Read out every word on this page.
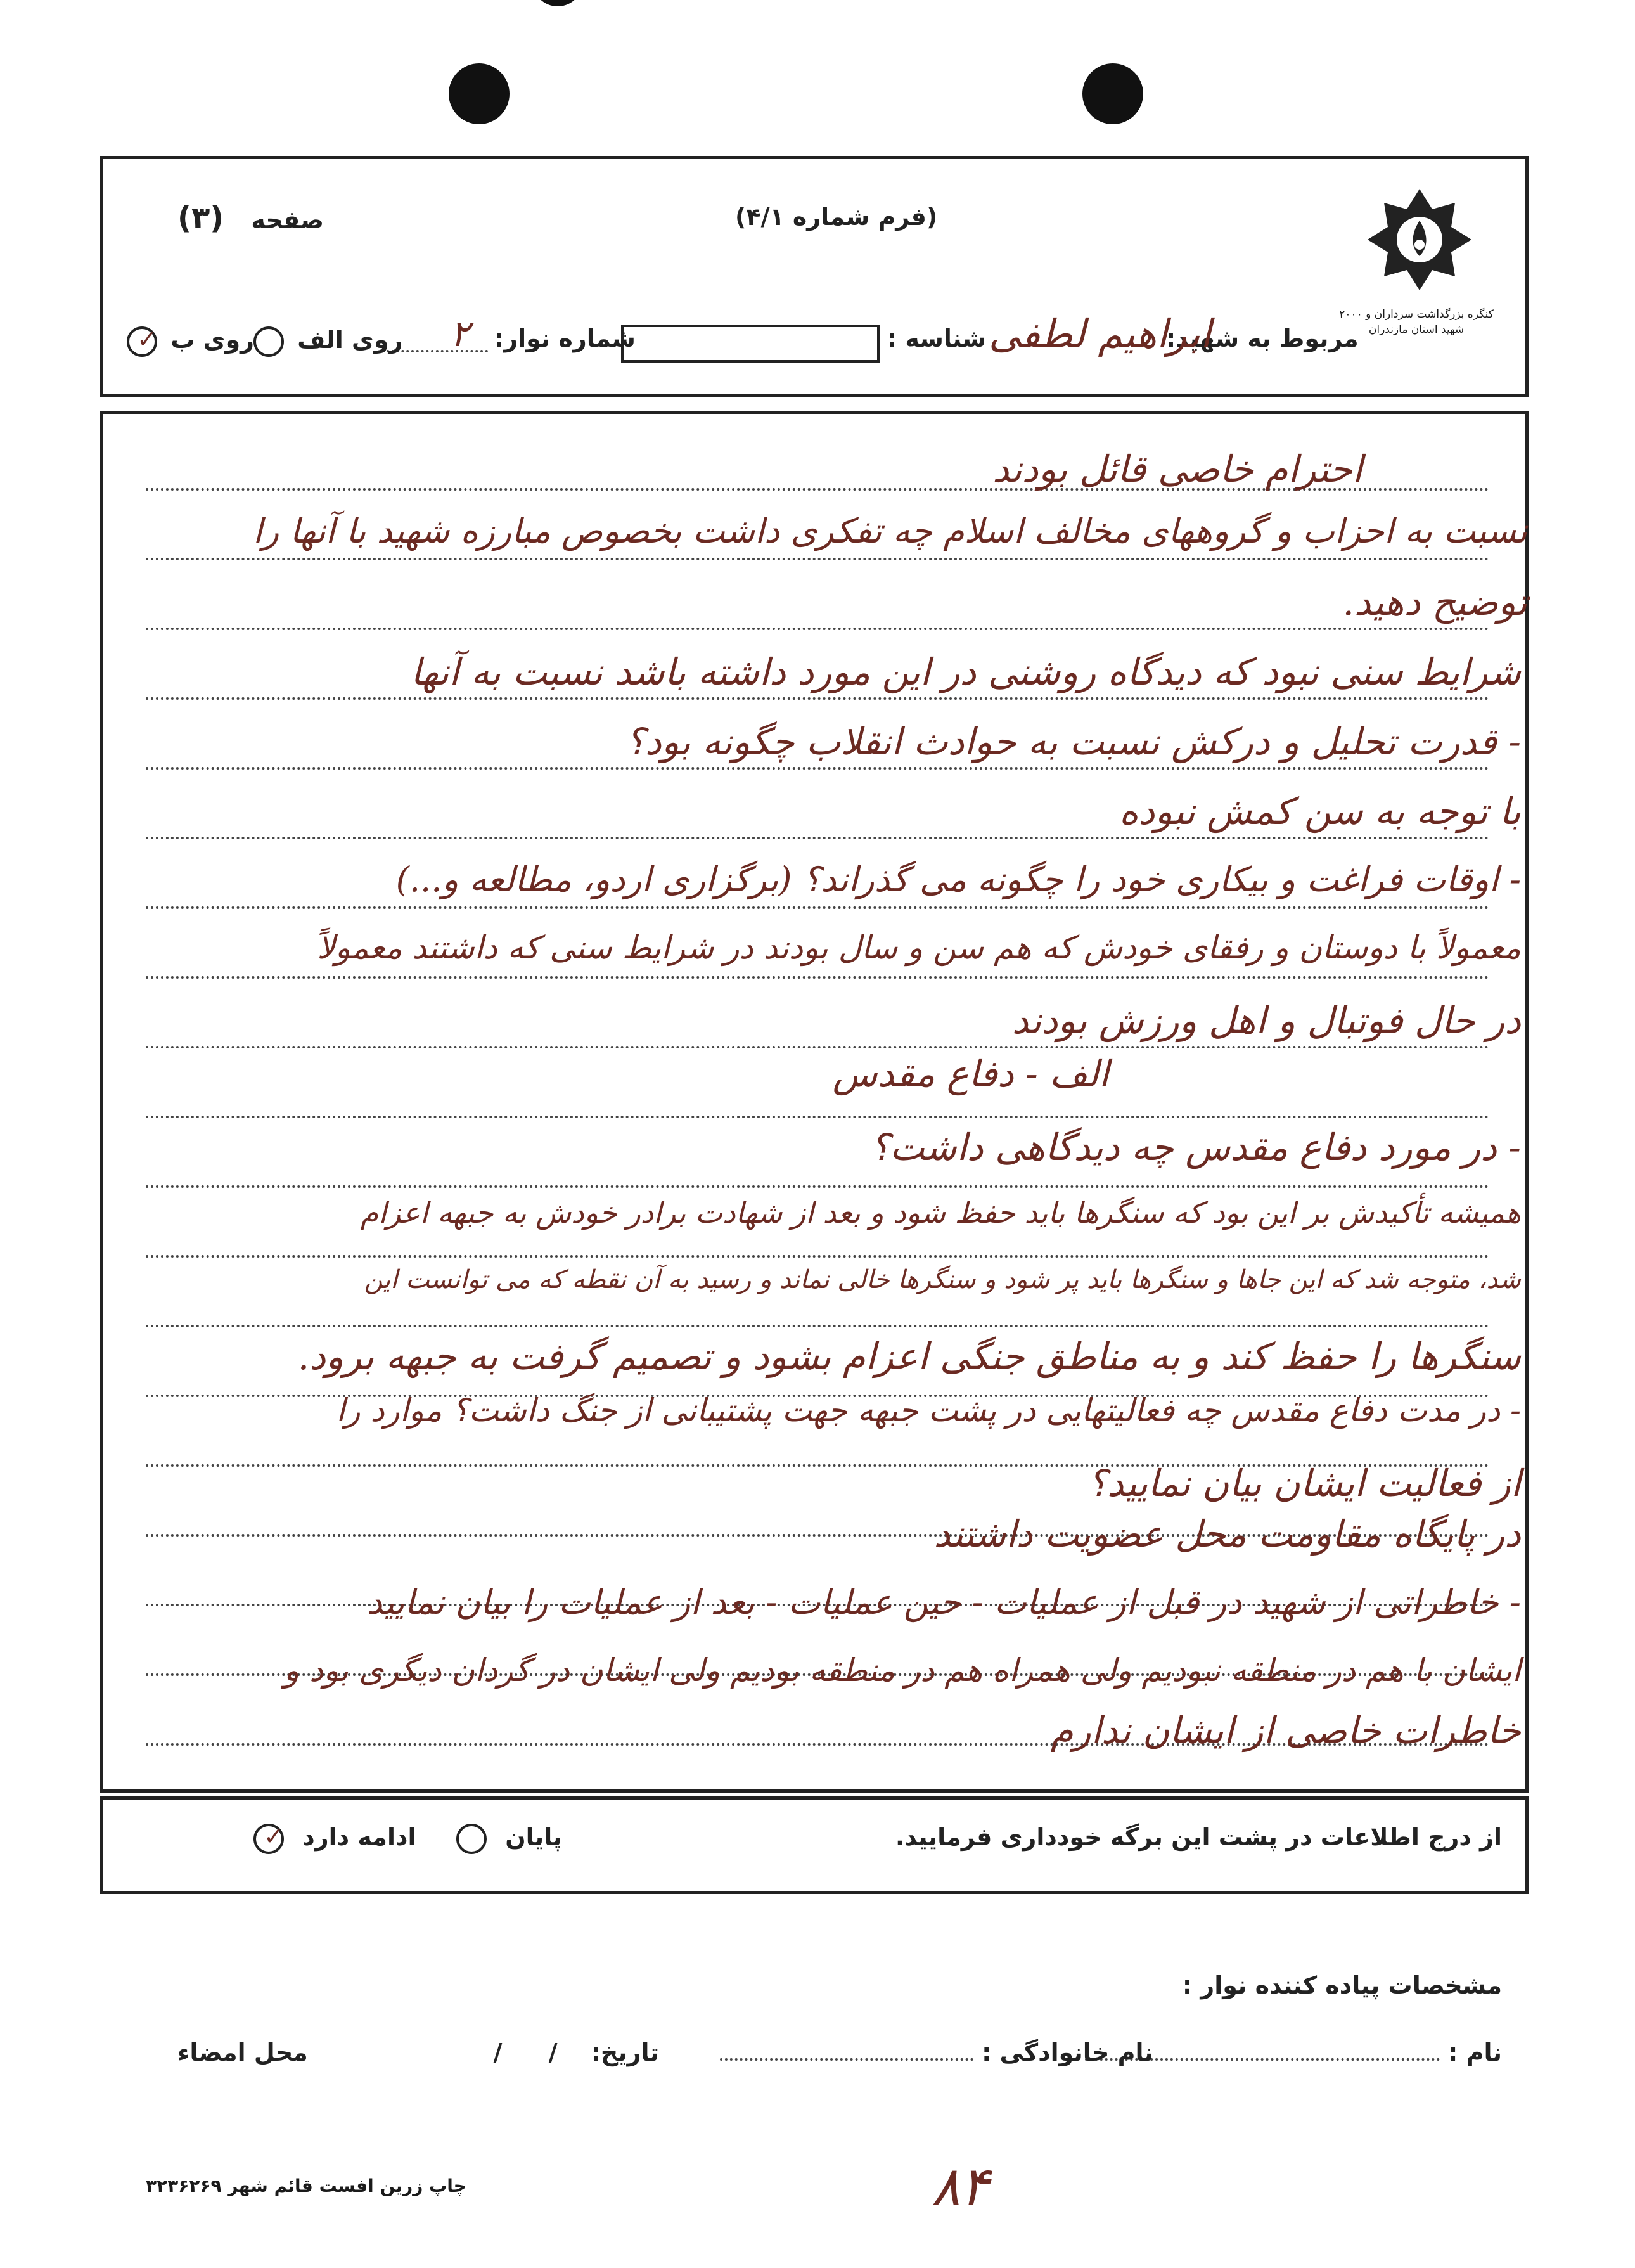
کنگره بزرگداشت سرداران و ۲۰۰۰ شهید استان مازندران
صفحه (۳)	(فرم شماره ۴/۱)
مربوط به شهید:
ابراهیم لطفی
شناسه :
شماره نوار:
۲
روی الف
روی ب ✓
احترام خاصی قائل بودند
نسبت به احزاب و گروههای مخالف اسلام چه تفکری داشت بخصوص مبارزه شهید با آنها را
توضیح دهید.
شرایط سنی نبود که دیدگاه روشنی در این مورد داشته باشد نسبت به آنها
- قدرت تحلیل و درکش نسبت به حوادث انقلاب چگونه بود؟
با توجه به سن کمش نبوده
- اوقات فراغت و بیکاری خود را چگونه می گذراند؟ (برگزاری اردو، مطالعه و...)
معمولاً با دوستان و رفقای خودش که هم سن و سال بودند در شرایط سنی که داشتند معمولاً
در حال فوتبال و اهل ورزش بودند
الف - دفاع مقدس
- در مورد دفاع مقدس چه دیدگاهی داشت؟
همیشه تأکیدش بر این بود که سنگرها باید حفظ شود و بعد از شهادت برادر خودش به جبهه اعزام
شد، متوجه شد که این جاها و سنگرها باید پر شود و سنگرها خالی نماند و رسید به آن نقطه که می توانست این
سنگرها را حفظ کند و به مناطق جنگی اعزام بشود و تصمیم گرفت به جبهه برود.
- در مدت دفاع مقدس چه فعالیتهایی در پشت جبهه جهت پشتیبانی از جنگ داشت؟ موارد را
از فعالیت ایشان بیان نمایید؟
در پایگاه مقاومت محل عضویت داشتند
- خاطراتی از شهید در قبل از عملیات - حین عملیات - بعد از عملیات را بیان نمایید
ایشان با هم در منطقه نبودیم ولی همراه هم در منطقه بودیم ولی ایشان در گردان دیگری بود و
خاطرات خاصی از ایشان ندارم
ادامه دارد ✓	پایان	از درج اطلاعات در پشت این برگه خودداری فرمایید.
مشخصات پیاده کننده نوار :
نام :
نام خانوادگی :
تاریخ: / /
محل امضاء
چاپ زرین افست قائم شهر ۳۲۳۶۲۶۹	۸۴
